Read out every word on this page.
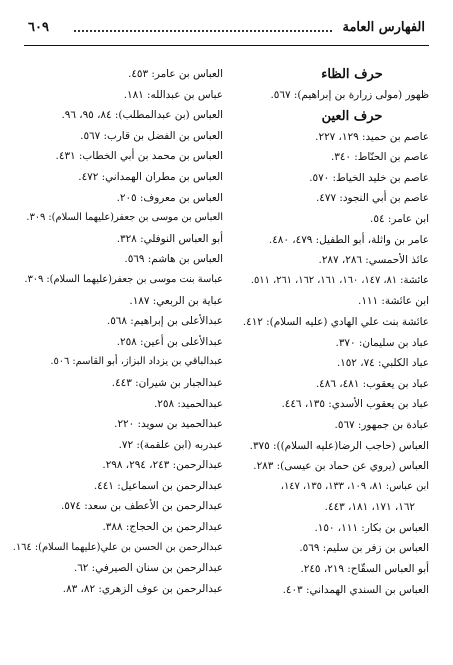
الفهارس العامة
٦٠٩
حرف الظاء
ظهور (مولى زرارة بن إبراهيم): ٥٦٧.
حرف العين
عاصم بن حميد: ١٢٩، ٢٢٧.
عاصم بن الحنّاط: ٣٤٠.
عاصم بن خليد الخياط: ٥٧٠.
عاصم بن أبي النجود: ٤٧٧.
ابن عامر: ٥٤.
عامر بن واثلة، أبو الطفيل: ٤٧٩، ٤٨٠.
عائذ الأحمسي: ٢٨٦، ٢٨٧.
عائشة: ٨١، ١٤٧، ١٦٠، ١٦١، ١٦٢، ٢٦١، ٥١١.
ابن عائشة: ١١١.
عائشة بنت علي الهادي (عليه السلام): ٤١٢.
عباد بن سليمان: ٣٧٠.
عباد الكلبي: ٧٤، ١٥٢.
عباد بن يعقوب: ٤٨١، ٤٨٦.
عباد بن يعقوب الأسدي: ١٣٥، ٤٤٦.
عبادة بن جمهور: ٥٦٧.
العباس (حاجب الرضا(عليه السلام)): ٣٧٥.
العباس (يروي عن حماد بن عيسى): ٢٨٣.
ابن عباس: ٨١، ١٠٩، ١٣٣، ١٣٥، ١٤٧،
١٦٢، ١٧١، ١٨١، ٤٤٣.
العباس بن بكار: ١١١، ١٥٠.
العباس بن زفر بن سليم: ٥٦٩.
أبو العباس السقّاح: ٢١٩، ٢٤٥.
العباس بن السندي الهمداني: ٤٠٣.
العباس بن عامر: ٤٥٣.
عباس بن عبدالله: ١٨١.
العباس (بن عبدالمطلب): ٨٤، ٩٥، ٩٦.
العباس بن الفضل بن قارب: ٥٦٧.
العباس بن محمد بن أبي الخطاب: ٤٣١.
العباس بن مطران الهمداني: ٤٧٢.
العباس بن معروف: ٢٠٥.
العباس بن موسى بن جعفر(عليهما السلام): ٣٠٩.
أبو العباس النوفلي: ٣٢٨.
العباس بن هاشم: ٥٦٩.
عباسة بنت موسى بن جعفر(عليهما السلام): ٣٠٩.
عباية بن الربعي: ١٨٧.
عبدالأعلى بن إبراهيم: ٥٦٨.
عبدالأعلى بن أعين: ٢٥٨.
عبدالباقي بن يزداد البزاز، أبو القاسم: ٥٠٦.
عبدالجبار بن شيران: ٤٤٣.
عبدالحميد: ٢٥٨.
عبدالحميد بن سويد: ٢٢٠.
عبدربه (ابن علقمة): ٧٢.
عبدالرحمن: ٢٤٣، ٢٩٤، ٢٩٨.
عبدالرحمن بن اسماعيل: ٤٤١.
عبدالرحمن بن الأعطف بن سعد: ٥٧٤.
عبدالرحمن بن الحجاج: ٣٨٨.
عبدالرحمن بن الحسن بن علي(عليهما السلام): ١٦٤.
عبدالرحمن بن سنان الصيرفي: ٦٢.
عبدالرحمن بن عوف الزهري: ٨٢، ٨٣.
